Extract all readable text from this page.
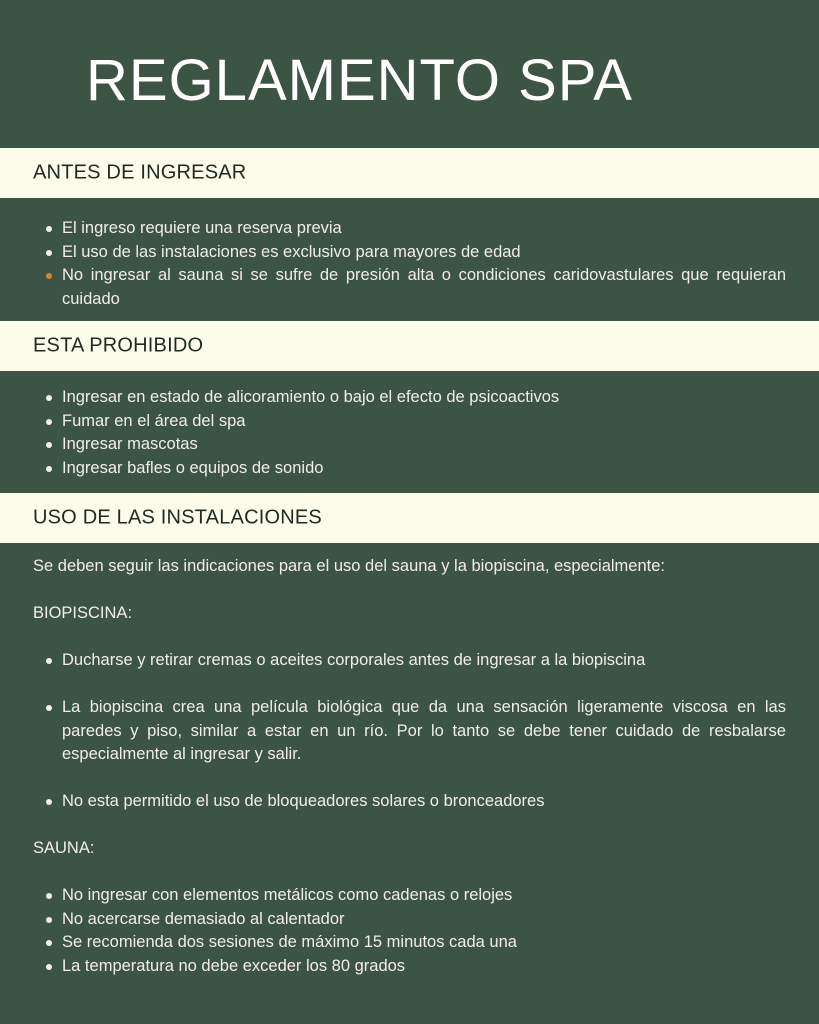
REGLAMENTO SPA
ANTES DE INGRESAR
El ingreso requiere una reserva previa
El uso de las instalaciones es exclusivo para mayores de edad
No ingresar al sauna si se sufre de presión alta o condiciones caridovastulares que requieran cuidado
ESTA PROHIBIDO
Ingresar en estado de alicoramiento o bajo el efecto de psicoactivos
Fumar en el área del spa
Ingresar mascotas
Ingresar bafles o equipos de sonido
USO DE LAS INSTALACIONES
Se deben seguir las indicaciones para el uso del sauna y la biopiscina, especialmente:
BIOPISCINA:
Ducharse y retirar cremas o aceites corporales antes de ingresar a la biopiscina
La biopiscina crea una película biológica que da una sensación ligeramente viscosa en las paredes y piso, similar a estar en un río. Por lo tanto se debe tener cuidado de resbalarse especialmente al ingresar y salir.
No esta permitido el uso de bloqueadores solares o bronceadores
SAUNA:
No ingresar con elementos metálicos como cadenas o relojes
No acercarse demasiado al calentador
Se recomienda dos sesiones de máximo 15 minutos cada una
La temperatura no debe exceder los 80 grados
